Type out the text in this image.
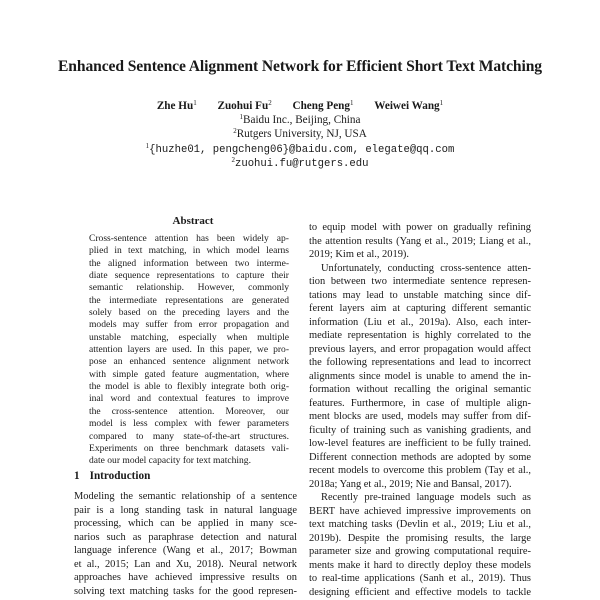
Enhanced Sentence Alignment Network for Efficient Short Text Matching
Zhe Hu$^1$ Zuohui Fu$^2$ Cheng Peng$^1$ Weiwei Wang$^1$
$^1$Baidu Inc., Beijing, China
$^2$Rutgers University, NJ, USA
$^1${huzhe01, pengcheng06}@baidu.com, elegate@qq.com
$^2$zuohui.fu@rutgers.edu
Abstract
Cross-sentence attention has been widely ap-
plied in text matching, in which model learns
the aligned information between two interme-
diate sequence representations to capture their
semantic relationship. However, commonly
the intermediate representations are generated
solely based on the preceding layers and the
models may suffer from error propagation and
unstable matching, especially when multiple
attention layers are used. In this paper, we pro-
pose an enhanced sentence alignment network
with simple gated feature augmentation, where
the model is able to flexibly integrate both orig-
inal word and contextual features to improve
the cross-sentence attention. Moreover, our
model is less complex with fewer parameters
compared to many state-of-the-art structures.
Experiments on three benchmark datasets vali-
date our model capacity for text matching.
1 Introduction
Modeling the semantic relationship of a sentence
pair is a long standing task in natural language
processing, which can be applied in many sce-
narios such as paraphrase detection and natural
language inference (Wang et al., 2017; Bowman
et al., 2015; Lan and Xu, 2018). Neural network
approaches have achieved impressive results on
solving text matching tasks for the good represen-
to equip model with power on gradually refining
the attention results (Yang et al., 2019; Liang et al.,
2019; Kim et al., 2019).
Unfortunately, conducting cross-sentence atten-
tion between two intermediate sentence represen-
tations may lead to unstable matching since dif-
ferent layers aim at capturing different semantic
information (Liu et al., 2019a). Also, each inter-
mediate representation is highly correlated to the
previous layers, and error propagation would affect
the following representations and lead to incorrect
alignments since model is unable to amend the in-
formation without recalling the original semantic
features. Furthermore, in case of multiple align-
ment blocks are used, models may suffer from dif-
ficulty of training such as vanishing gradients, and
low-level features are inefficient to be fully trained.
Different connection methods are adopted by some
recent models to overcome this problem (Tay et al.,
2018a; Yang et al., 2019; Nie and Bansal, 2017).
Recently pre-trained language models such as
BERT have achieved impressive improvements on
text matching tasks (Devlin et al., 2019; Liu et al.,
2019b). Despite the promising results, the large
parameter size and growing computational require-
ments make it hard to directly deploy these models
to real-time applications (Sanh et al., 2019). Thus
designing efficient and effective models to tackle
